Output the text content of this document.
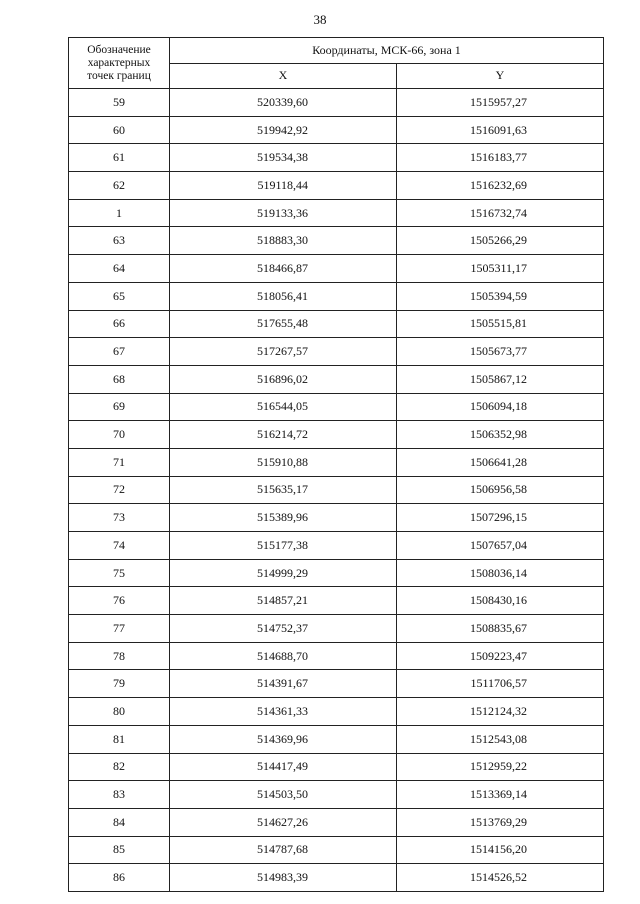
38
Обозначение
характерных
точек границ	Координаты, МСК-66, зона 1	
	X	Y
59	520339,60	1515957,27
60	519942,92	1516091,63
61	519534,38	1516183,77
62	519118,44	1516232,69
1	519133,36	1516732,74
63	518883,30	1505266,29
64	518466,87	1505311,17
65	518056,41	1505394,59
66	517655,48	1505515,81
67	517267,57	1505673,77
68	516896,02	1505867,12
69	516544,05	1506094,18
70	516214,72	1506352,98
71	515910,88	1506641,28
72	515635,17	1506956,58
73	515389,96	1507296,15
74	515177,38	1507657,04
75	514999,29	1508036,14
76	514857,21	1508430,16
77	514752,37	1508835,67
78	514688,70	1509223,47
79	514391,67	1511706,57
80	514361,33	1512124,32
81	514369,96	1512543,08
82	514417,49	1512959,22
83	514503,50	1513369,14
84	514627,26	1513769,29
85	514787,68	1514156,20
86	514983,39	1514526,52
